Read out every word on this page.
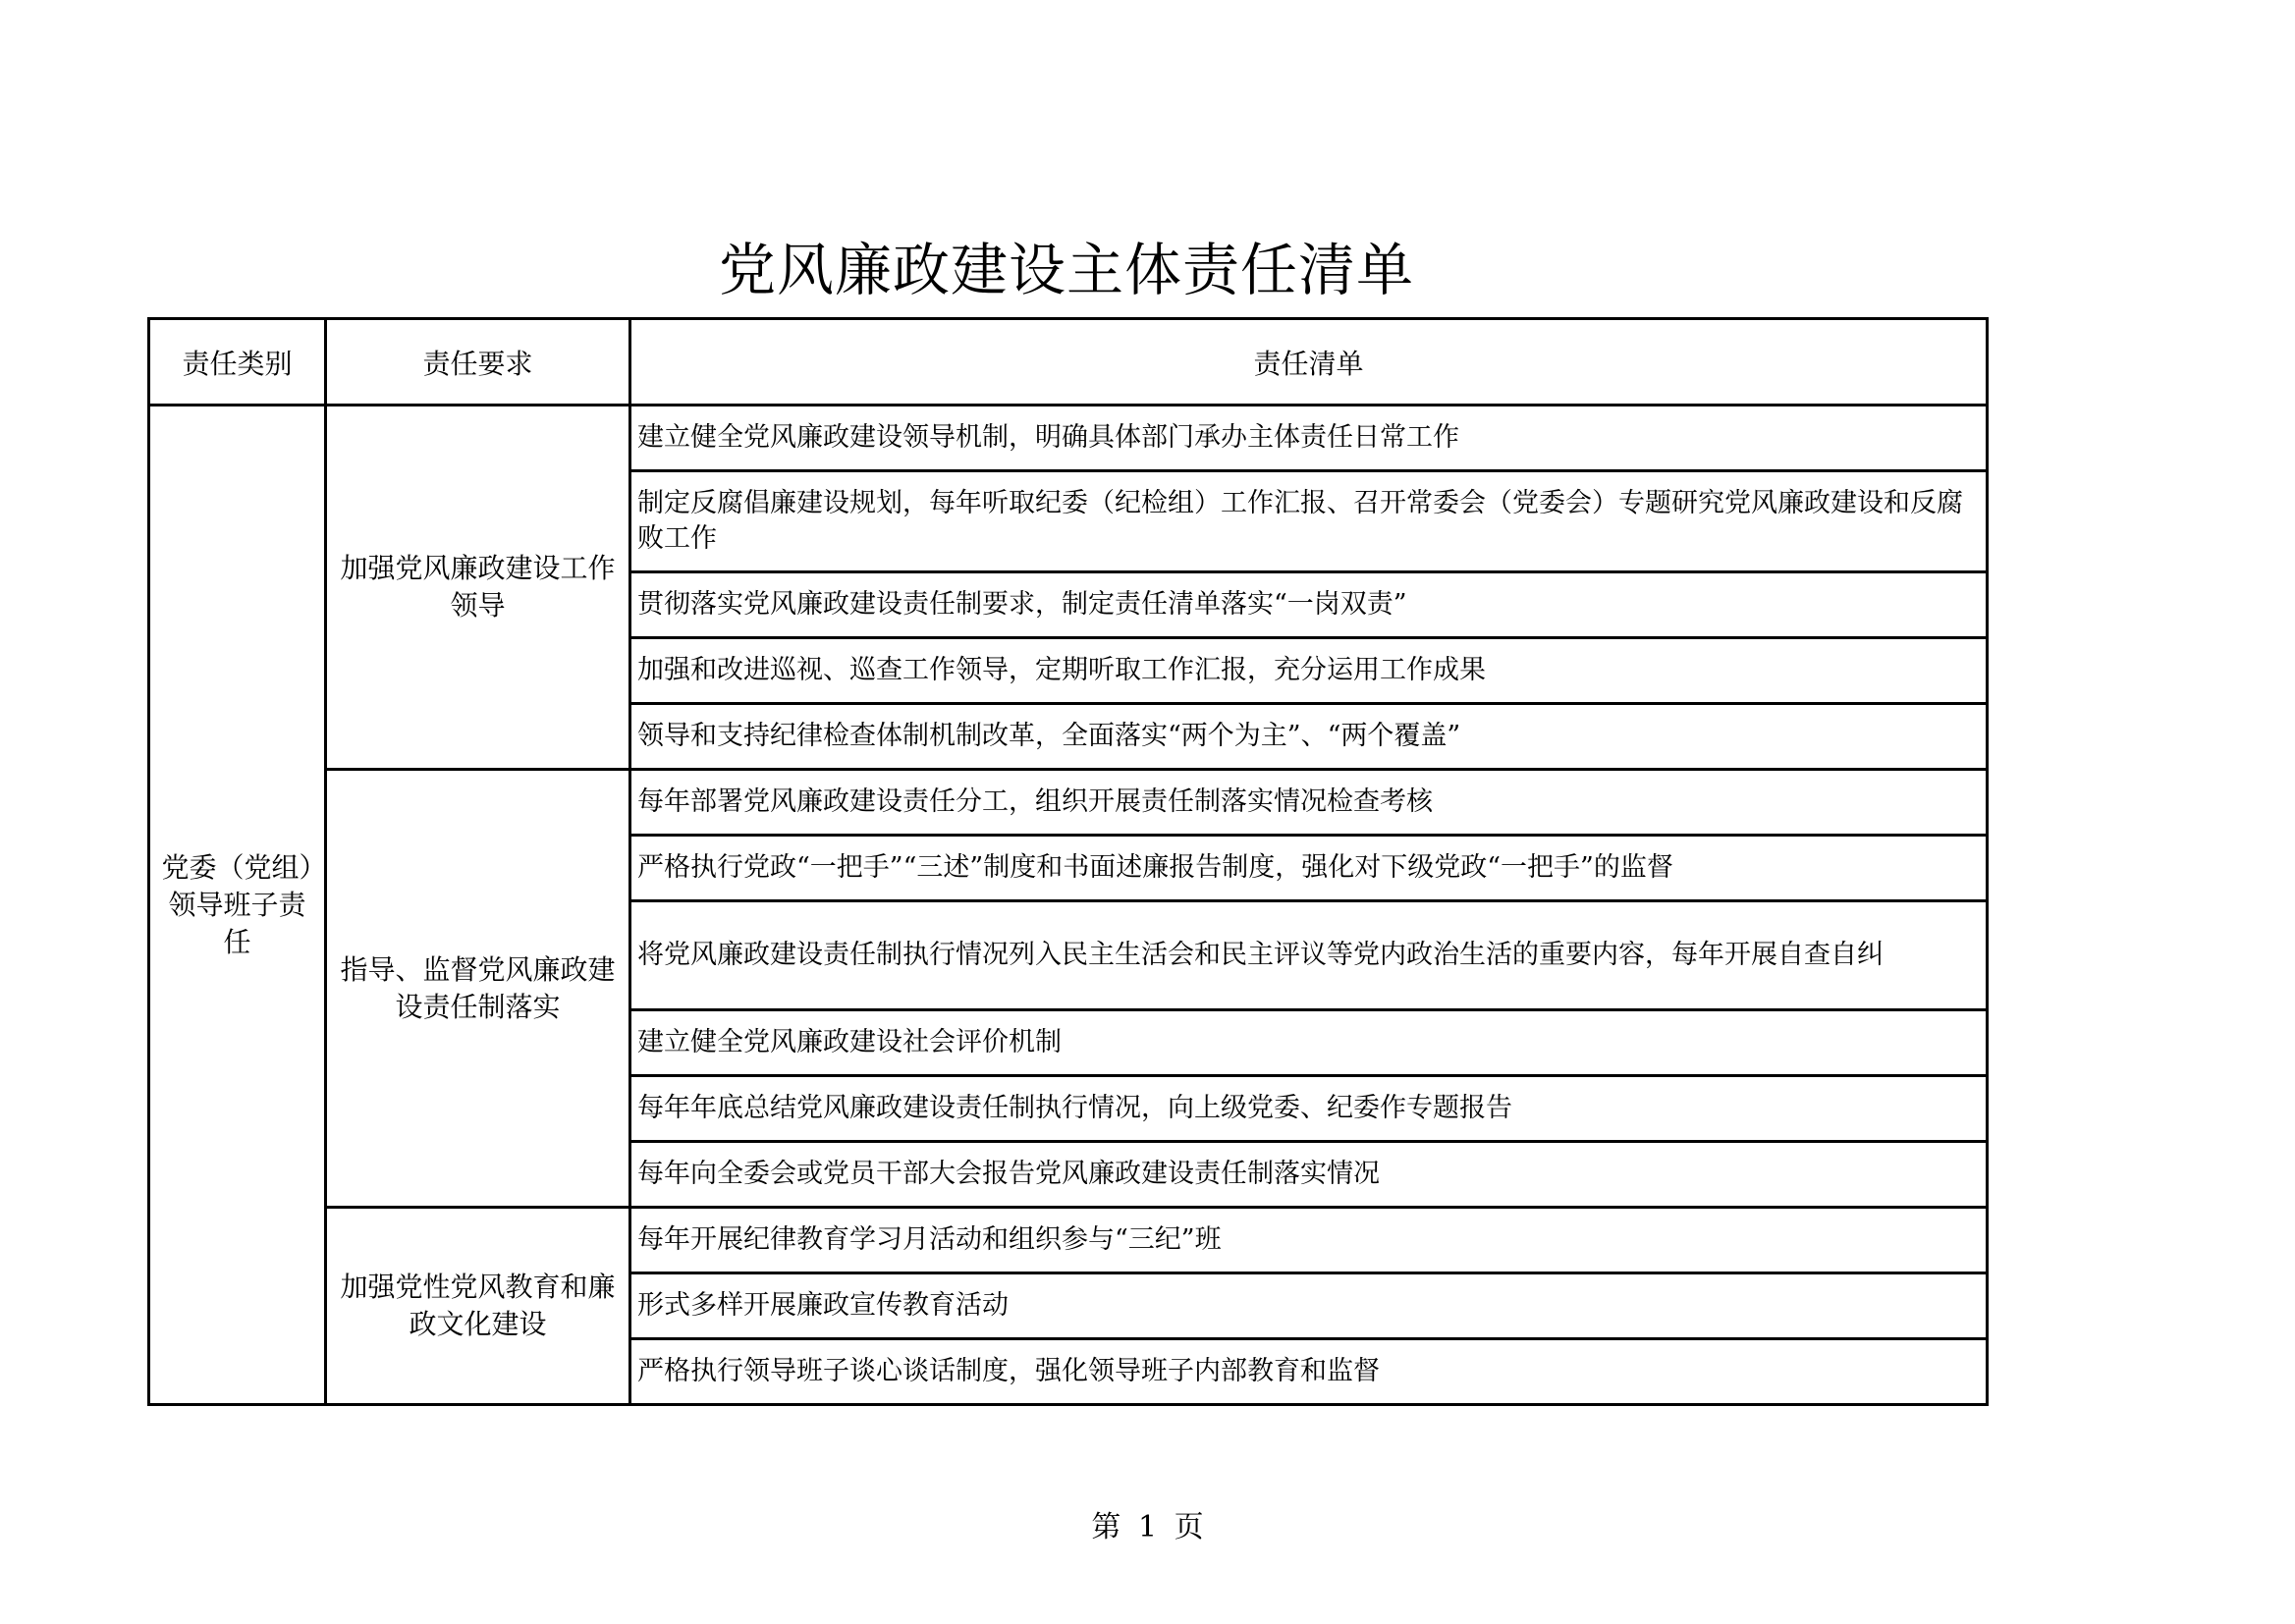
党风廉政建设主体责任清单
责任类别	责任要求	责任清单
党委（党组）领导班子责任	加强党风廉政建设工作领导	建立健全党风廉政建设领导机制，明确具体部门承办主体责任日常工作
		制定反腐倡廉建设规划，每年听取纪委（纪检组）工作汇报、召开常委会（党委会）专题研究党风廉政建设和反腐败工作
		贯彻落实党风廉政建设责任制要求，制定责任清单落实“一岗双责”
		加强和改进巡视、巡查工作领导，定期听取工作汇报，充分运用工作成果
		领导和支持纪律检查体制机制改革，全面落实“两个为主”、“两个覆盖”
	指导、监督党风廉政建设责任制落实	每年部署党风廉政建设责任分工，组织开展责任制落实情况检查考核
		严格执行党政“一把手”“三述”制度和书面述廉报告制度，强化对下级党政“一把手”的监督
		将党风廉政建设责任制执行情况列入民主生活会和民主评议等党内政治生活的重要内容，每年开展自查自纠
		建立健全党风廉政建设社会评价机制
		每年年底总结党风廉政建设责任制执行情况，向上级党委、纪委作专题报告
		每年向全委会或党员干部大会报告党风廉政建设责任制落实情况
	加强党性党风教育和廉政文化建设	每年开展纪律教育学习月活动和组织参与“三纪”班
		形式多样开展廉政宣传教育活动
		严格执行领导班子谈心谈话制度，强化领导班子内部教育和监督
第 1 页
